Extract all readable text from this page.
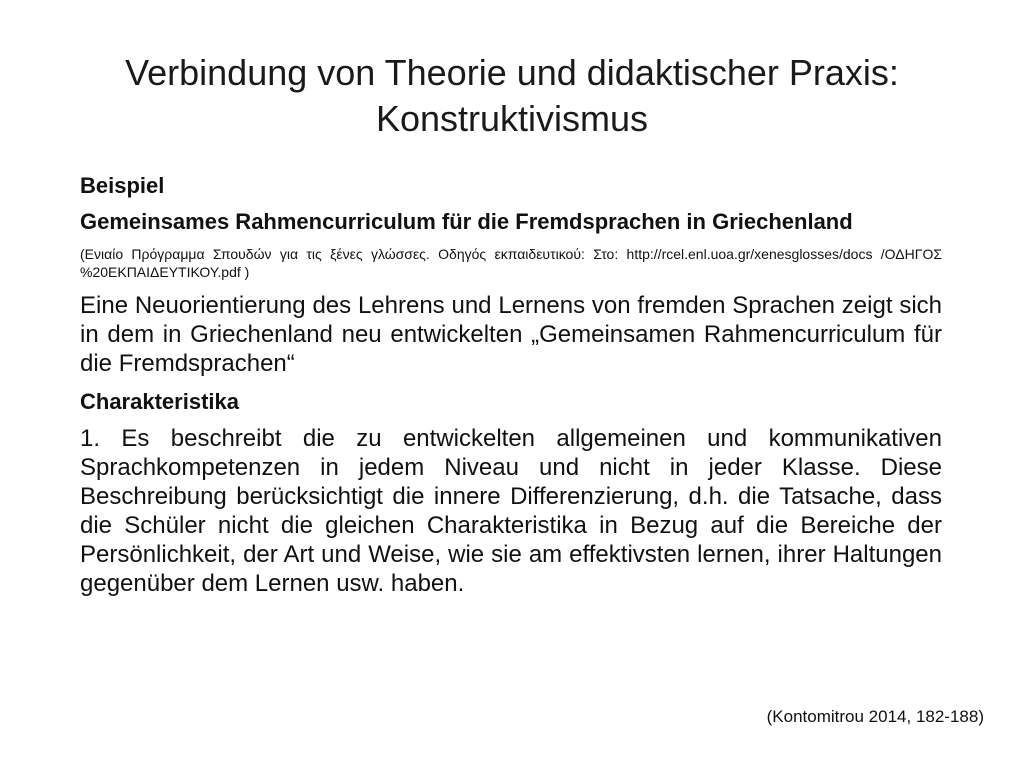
Verbindung von Theorie und didaktischer Praxis: Konstruktivismus

Beispiel

Gemeinsames Rahmencurriculum für die Fremdsprachen in Griechenland

(Ενιαίο Πρόγραμμα Σπουδών για τις ξένες γλώσσες. Οδηγός εκπαιδευτικού: Στο: http://rcel.enl.uoa.gr/xenesglosses/docs /ΟΔΗΓΟΣ %20ΕΚΠΑΙΔΕΥΤΙΚΟΥ.pdf )

Eine Neuorientierung des Lehrens und Lernens von fremden Sprachen zeigt sich in dem in Griechenland neu entwickelten „Gemeinsamen Rahmencurriculum für die Fremdsprachen“

Charakteristika

1. Es beschreibt die zu entwickelten allgemeinen und kommunikativen Sprachkompetenzen in jedem Niveau und nicht in jeder Klasse. Diese Beschreibung berücksichtigt die innere Differenzierung, d.h. die Tatsache, dass die Schüler nicht die gleichen Charakteristika in Bezug auf die Bereiche der Persönlichkeit, der Art und Weise, wie sie am effektivsten lernen, ihrer Haltungen gegenüber dem Lernen usw. haben.

(Kontomitrou 2014, 182-188)
